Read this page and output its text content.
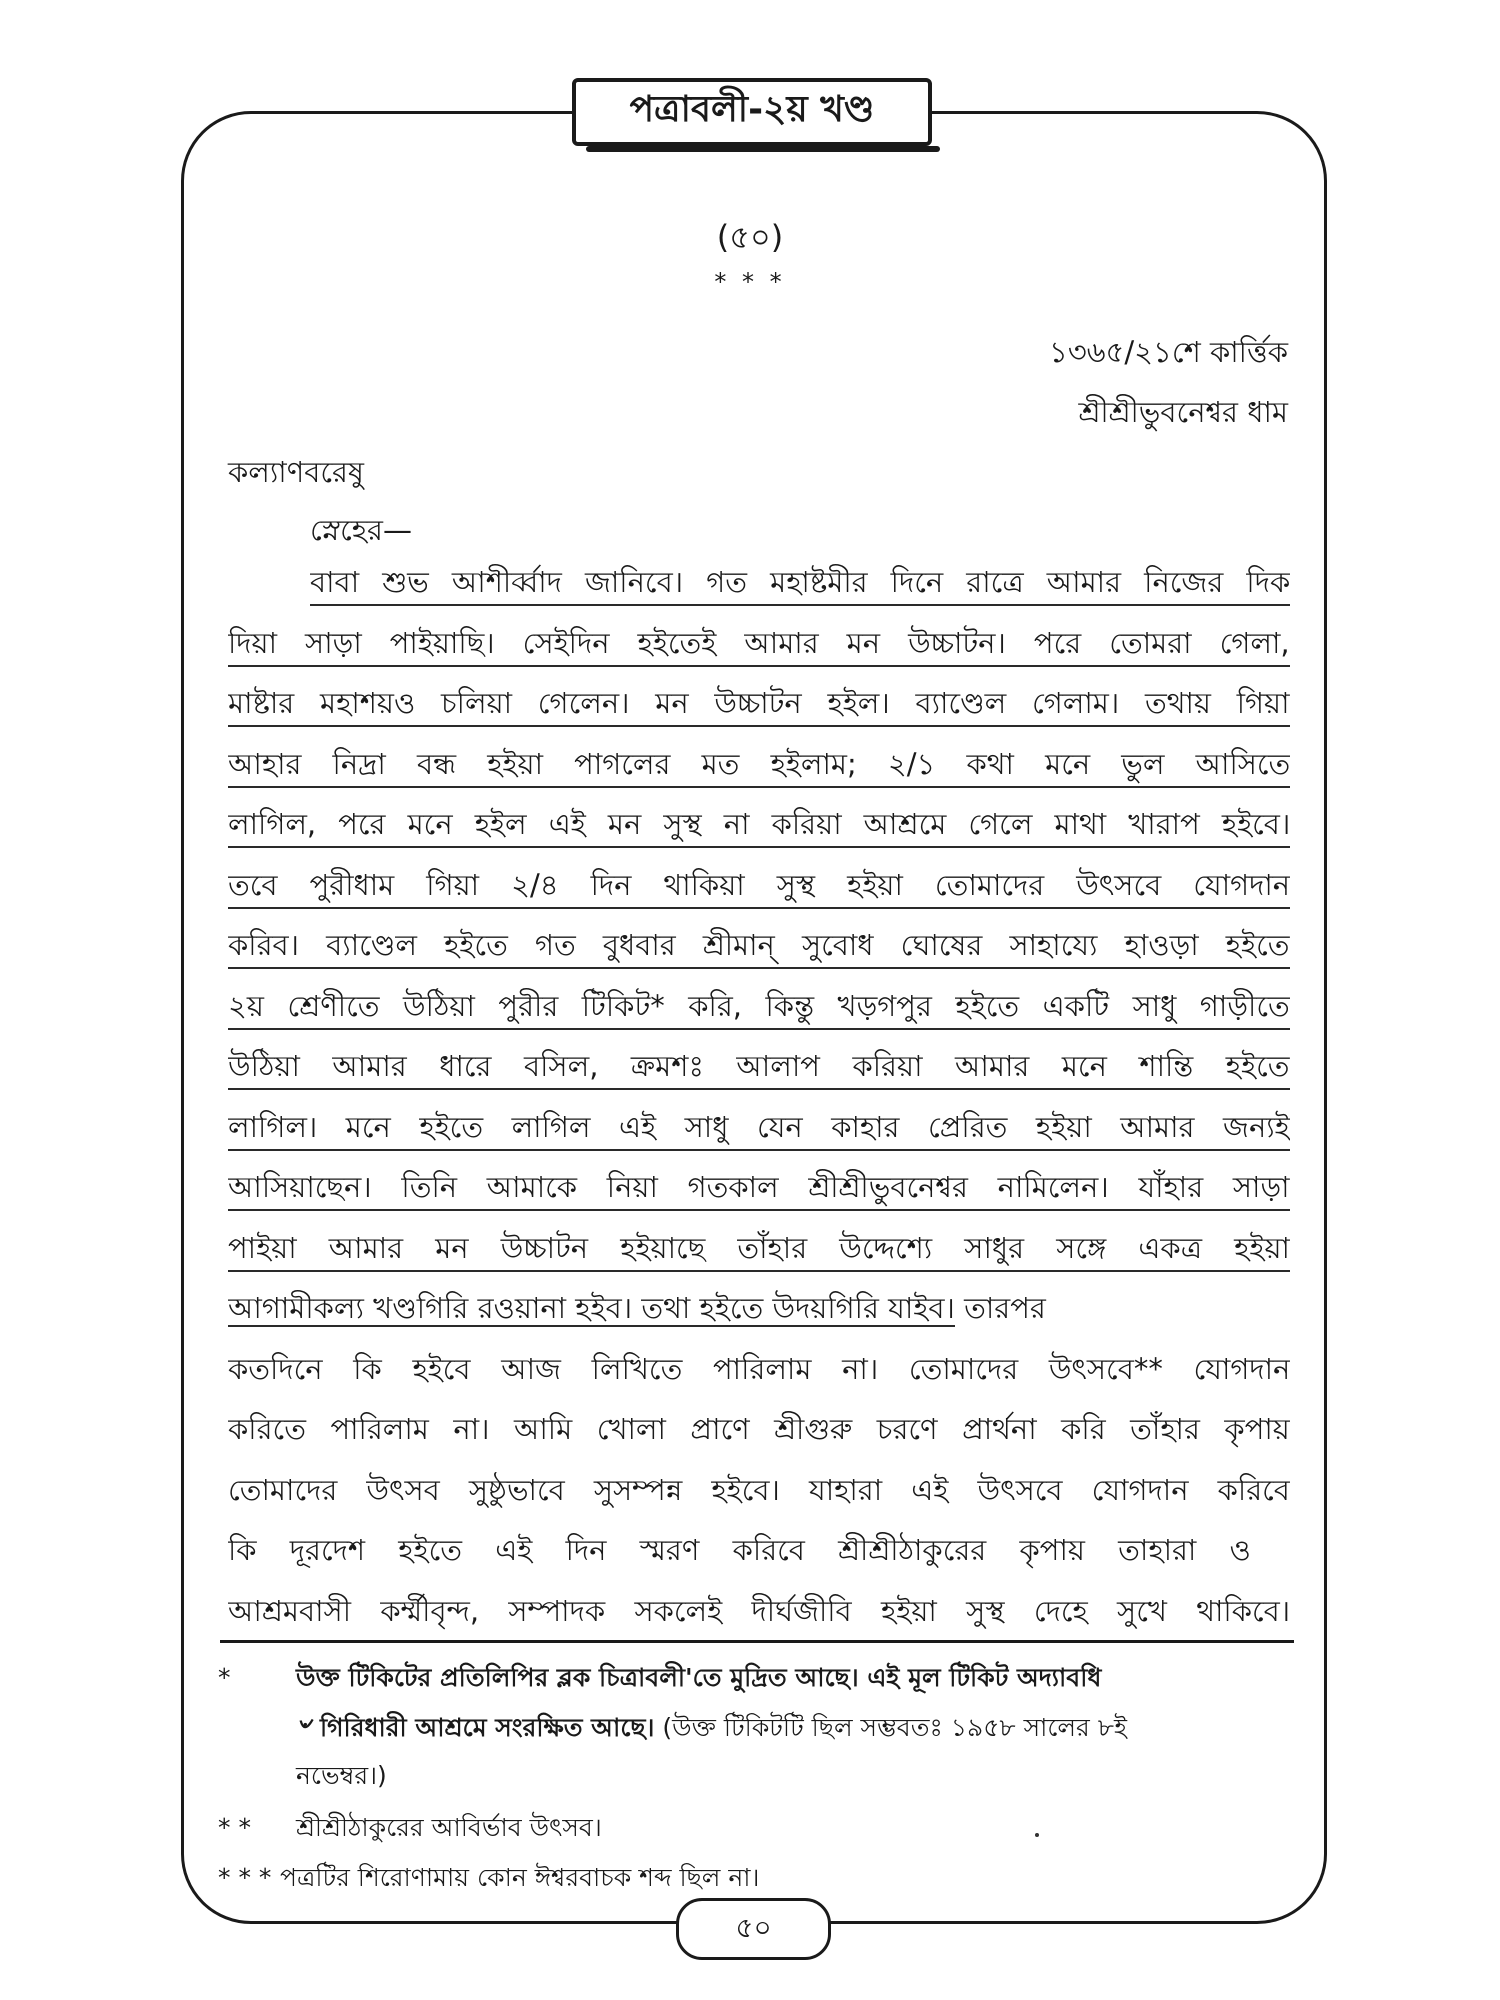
পত্রাবলী-২য় খণ্ড
(৫০)
* * *
১৩৬৫/২১শে কার্ত্তিক
শ্রীশ্রীভুবনেশ্বর ধাম
কল্যাণবরেষু
স্নেহের—
বাবা শুভ আশীর্ব্বাদ জানিবে। গত মহাষ্টমীর দিনে রাত্রে আমার নিজের দিক
দিয়া সাড়া পাইয়াছি। সেইদিন হইতেই আমার মন উচ্চাটন। পরে তোমরা গেলা,
মাষ্টার মহাশয়ও চলিয়া গেলেন। মন উচ্চাটন হইল। ব্যাণ্ডেল গেলাম। তথায় গিয়া
আহার নিদ্রা বন্ধ হইয়া পাগলের মত হইলাম; ২/১ কথা মনে ভুল আসিতে
লাগিল, পরে মনে হইল এই মন সুস্থ না করিয়া আশ্রমে গেলে মাথা খারাপ হইবে।
তবে পুরীধাম গিয়া ২/৪ দিন থাকিয়া সুস্থ হইয়া তোমাদের উৎসবে যোগদান
করিব। ব্যাণ্ডেল হইতে গত বুধবার শ্রীমান্ সুবোধ ঘোষের সাহায্যে হাওড়া হইতে
২য় শ্রেণীতে উঠিয়া পুরীর টিকিট* করি, কিন্তু খড়গপুর হইতে একটি সাধু গাড়ীতে
উঠিয়া আমার ধারে বসিল, ক্রমশঃ আলাপ করিয়া আমার মনে শান্তি হইতে
লাগিল। মনে হইতে লাগিল এই সাধু যেন কাহার প্রেরিত হইয়া আমার জন্যই
আসিয়াছেন। তিনি আমাকে নিয়া গতকাল শ্রীশ্রীভুবনেশ্বর নামিলেন। যাঁহার সাড়া
পাইয়া আমার মন উচ্চাটন হইয়াছে তাঁহার উদ্দেশ্যে সাধুর সঙ্গে একত্র হইয়া
আগামীকল্য খণ্ডগিরি রওয়ানা হইব। তথা হইতে উদয়গিরি যাইব। তারপর
কতদিনে কি হইবে আজ লিখিতে পারিলাম না। তোমাদের উৎসবে** যোগদান
করিতে পারিলাম না। আমি খোলা প্রাণে শ্রীগুরু চরণে প্রার্থনা করি তাঁহার কৃপায়
তোমাদের উৎসব সুষ্ঠুভাবে সুসম্পন্ন হইবে। যাহারা এই উৎসবে যোগদান করিবে
কি দূরদেশ হইতে এই দিন স্মরণ করিবে শ্রীশ্রীঠাকুরের কৃপায় তাহারা ও
আশ্রমবাসী কর্ম্মীবৃন্দ, সম্পাদক সকলেই দীর্ঘজীবি হইয়া সুস্থ দেহে সুখে থাকিবে।
*	উক্ত টিকিটের প্রতিলিপির ব্লক চিত্রাবলী'তে মুদ্রিত আছে। এই মূল টিকিট অদ্যাবধি
৺ গিরিধারী আশ্রমে সংরক্ষিত আছে। (উক্ত টিকিটটি ছিল সম্ভবতঃ ১৯৫৮ সালের ৮ই
নভেম্বর।)
* * শ্রীশ্রীঠাকুরের আবির্ভাব উৎসব।
* * * পত্রটির শিরোণামায় কোন ঈশ্বরবাচক শব্দ ছিল না।
৫০
